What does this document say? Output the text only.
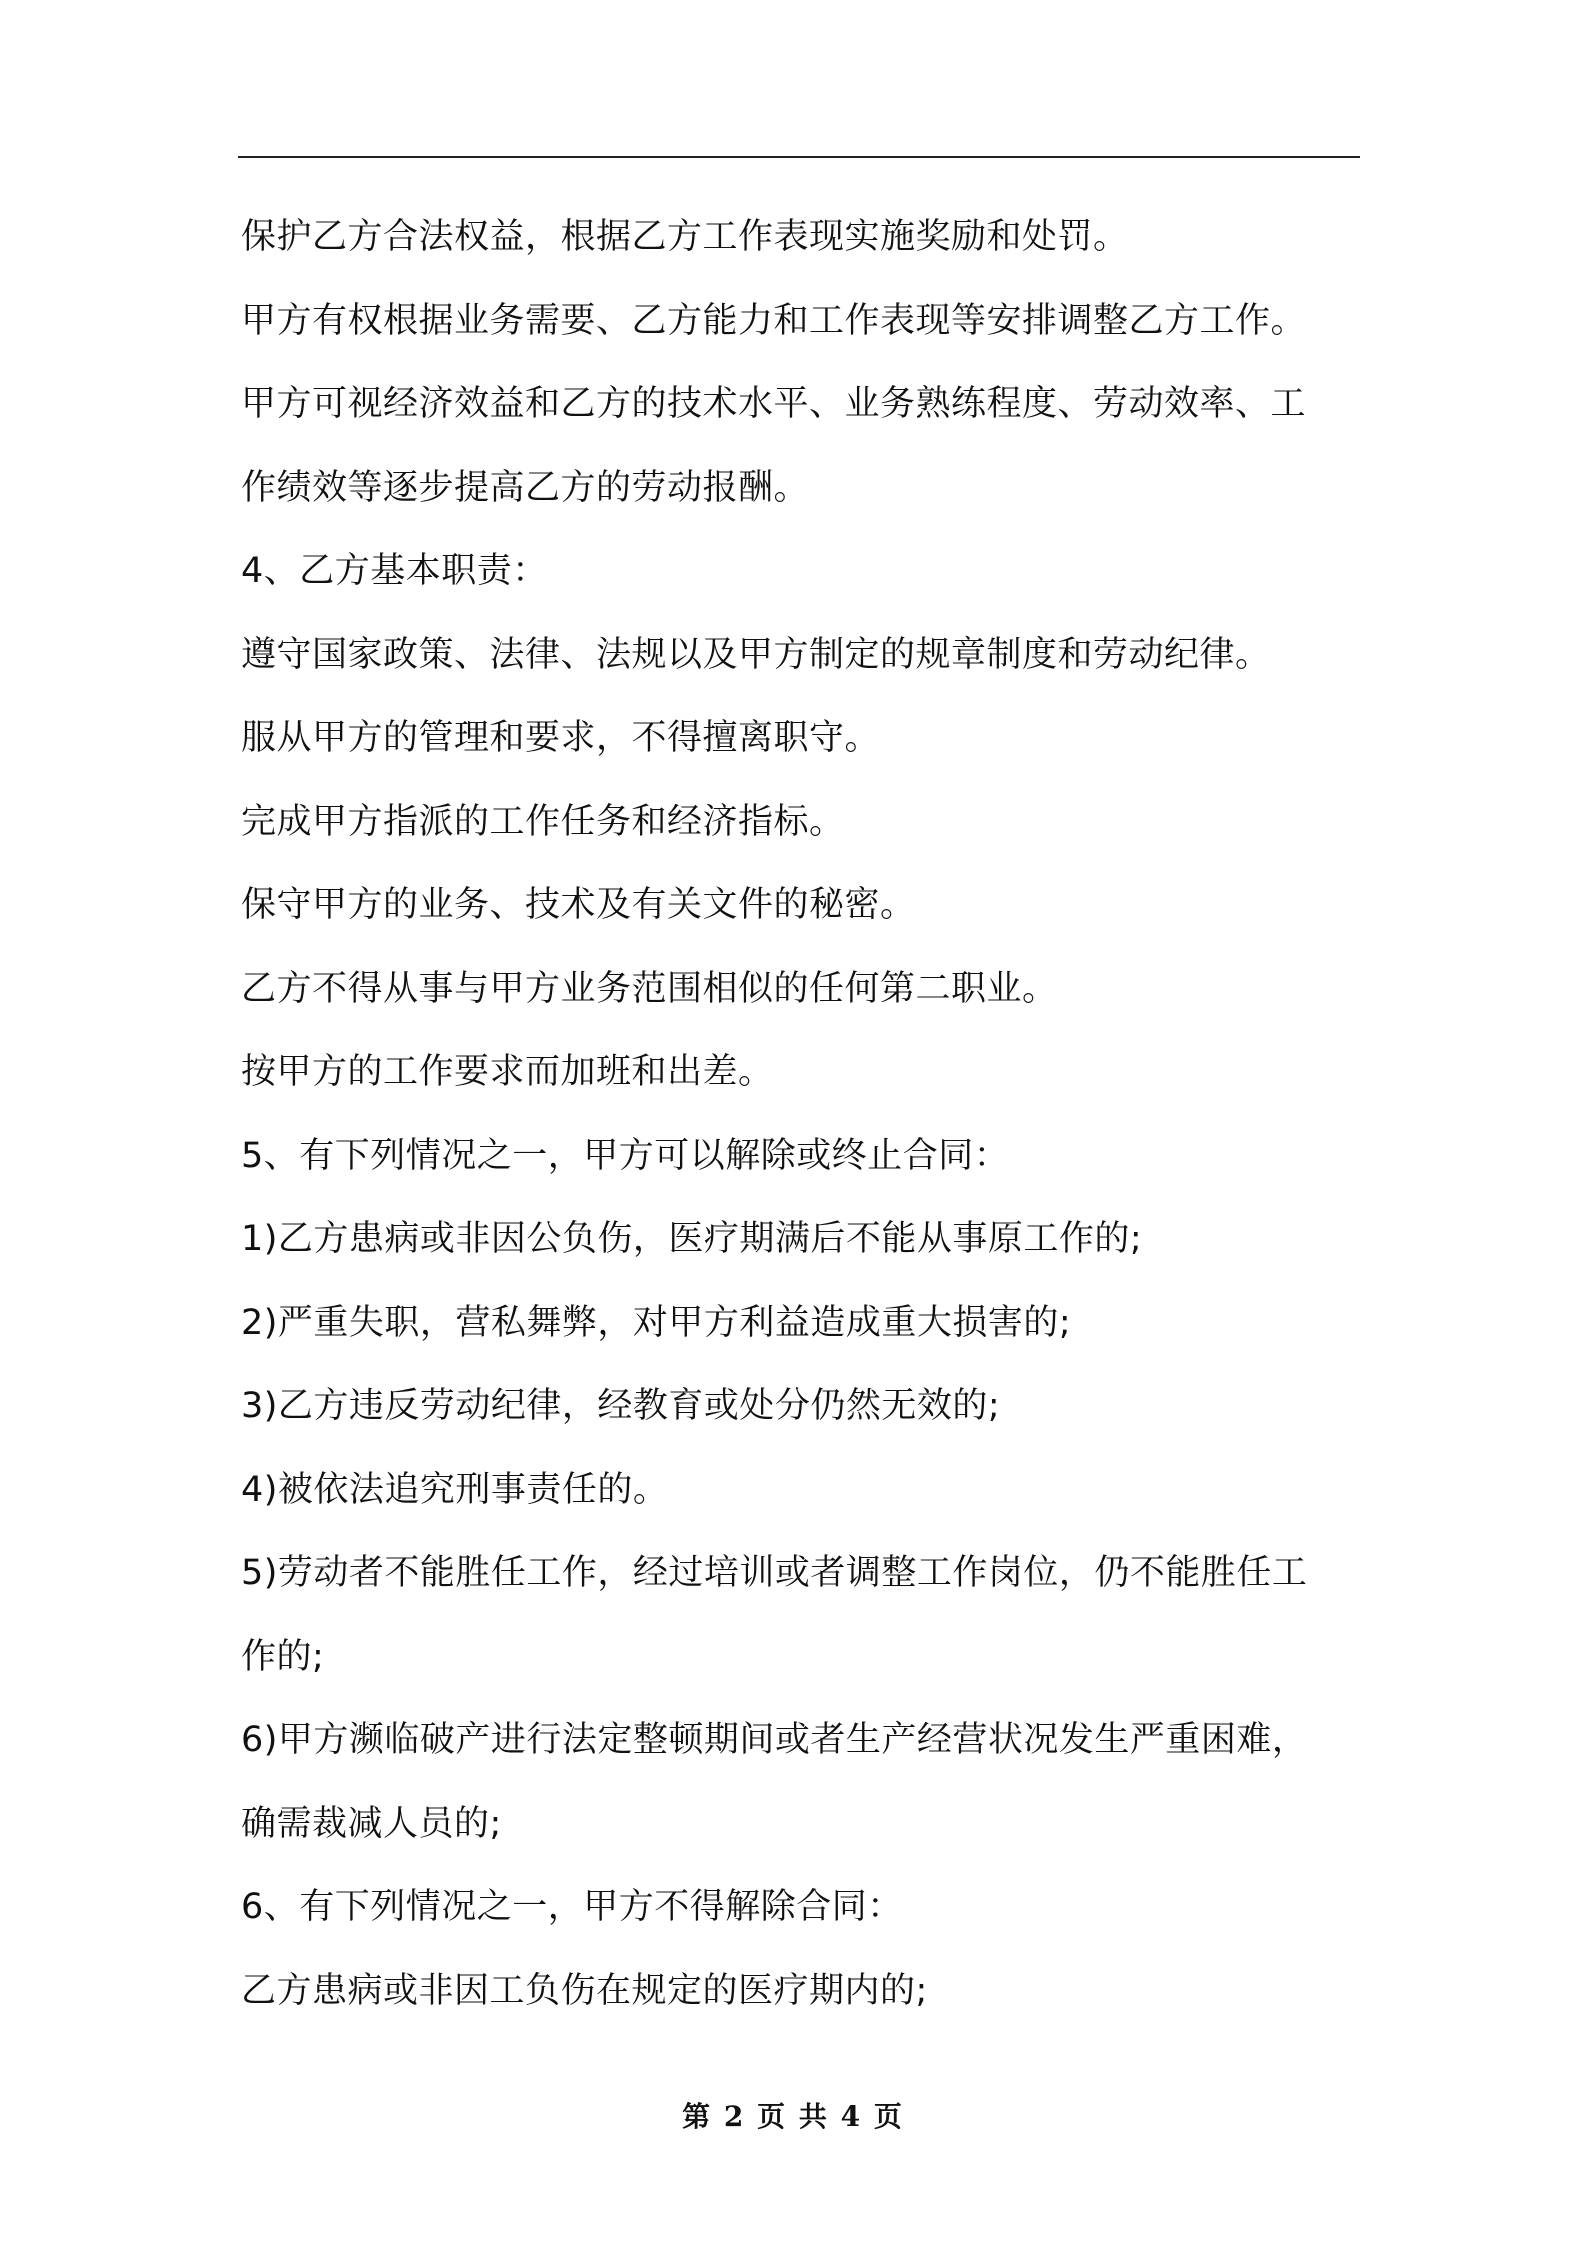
保护乙方合法权益，根据乙方工作表现实施奖励和处罚。

甲方有权根据业务需要、乙方能力和工作表现等安排调整乙方工作。

甲方可视经济效益和乙方的技术水平、业务熟练程度、劳动效率、工

作绩效等逐步提高乙方的劳动报酬。

4、乙方基本职责：

遵守国家政策、法律、法规以及甲方制定的规章制度和劳动纪律。

服从甲方的管理和要求，不得擅离职守。

完成甲方指派的工作任务和经济指标。

保守甲方的业务、技术及有关文件的秘密。

乙方不得从事与甲方业务范围相似的任何第二职业。

按甲方的工作要求而加班和出差。

5、有下列情况之一，甲方可以解除或终止合同：

1)乙方患病或非因公负伤，医疗期满后不能从事原工作的;

2)严重失职，营私舞弊，对甲方利益造成重大损害的;

3)乙方违反劳动纪律，经教育或处分仍然无效的;

4)被依法追究刑事责任的。

5)劳动者不能胜任工作，经过培训或者调整工作岗位，仍不能胜任工

作的;

6)甲方濒临破产进行法定整顿期间或者生产经营状况发生严重困难，

确需裁减人员的;

6、有下列情况之一，甲方不得解除合同：

乙方患病或非因工负伤在规定的医疗期内的;

第 2 页 共 4 页
